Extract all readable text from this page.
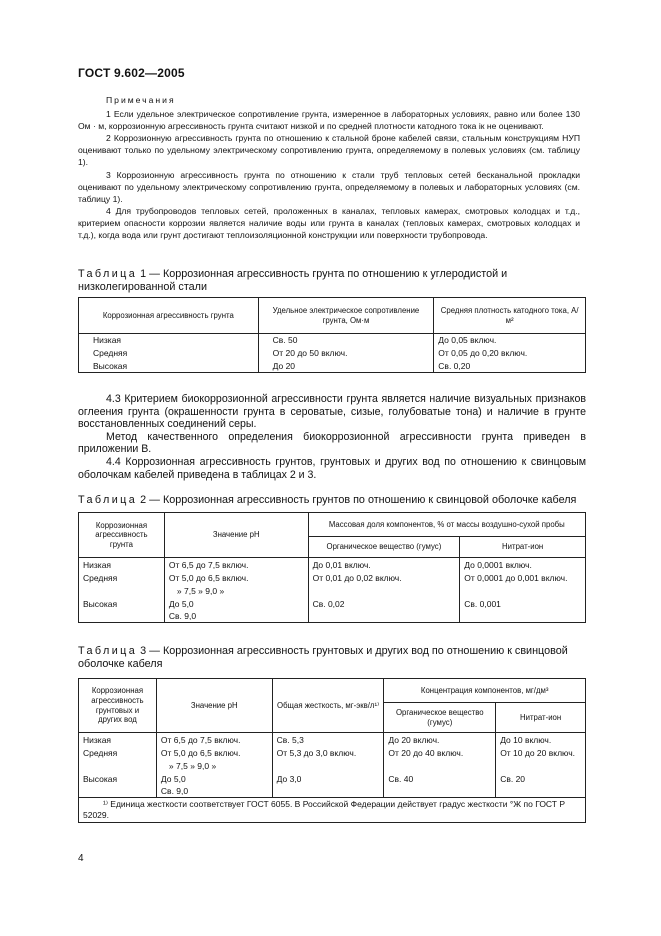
ГОСТ 9.602—2005

Примечания

1 Если удельное электрическое сопротивление грунта, измеренное в лабораторных условиях, равно или более 130 Ом · м, коррозионную агрессивность грунта считают низкой и по средней плотности катодного тока iк не оценивают.

2 Коррозионную агрессивность грунта по отношению к стальной броне кабелей связи, стальным конструкциям НУП оценивают только по удельному электрическому сопротивлению грунта, определяемому в полевых условиях (см. таблицу 1).

3 Коррозионную агрессивность грунта по отношению к стали труб тепловых сетей бесканальной прокладки оценивают по удельному электрическому сопротивлению грунта, определяемому в полевых и лабораторных условиях (см. таблицу 1).

4 Для трубопроводов тепловых сетей, проложенных в каналах, тепловых камерах, смотровых колодцах и т.д., критерием опасности коррозии является наличие воды или грунта в каналах (тепловых камерах, смотровых колодцах и т.д.), когда вода или грунт достигают теплоизоляционной конструкции или поверхности трубопровода.

Таблица 1 — Коррозионная агрессивность грунта по отношению к углеродистой и низколегированной стали
Коррозионная агрессивность грунта	Удельное электрическое сопротивление грунта, Ом·м	Средняя плотность катодного тока, А/м²
Низкая	Св. 50	До 0,05 включ.
Средняя	От 20 до 50 включ.	От 0,05 до 0,20 включ.
Высокая	До 20	Св. 0,20

4.3 Критерием биокоррозионной агрессивности грунта является наличие визуальных признаков оглеения грунта (окрашенности грунта в сероватые, сизые, голубоватые тона) и наличие в грунте восстановленных соединений серы.

Метод качественного определения биокоррозионной агрессивности грунта приведен в приложении В.

4.4 Коррозионная агрессивность грунтов, грунтовых и других вод по отношению к свинцовым оболочкам кабелей приведена в таблицах 2 и 3.

Таблица 2 — Коррозионная агрессивность грунтов по отношению к свинцовой оболочке кабеля
Коррозионная агрессивность грунта	Значение pH	Массовая доля компонентов, % от массы воздушно-сухой пробы	
		Органическое вещество (гумус)	Нитрат-ион
Низкая	От 6,5 до 7,5 включ.	До 0,01 включ.	До 0,0001 включ.
Средняя	От 5,0 до 6,5 включ.	От 0,01 до 0,02 включ.	От 0,0001 до 0,001 включ.
	» 7,5 » 9,0 »		
Высокая	До 5,0	Св. 0,02	Св. 0,001
	Св. 9,0		
Таблица 3 — Коррозионная агрессивность грунтовых и других вод по отношению к свинцовой оболочке кабеля
Коррозионная агрессивность грунтовых и других вод	Значение pH	Общая жесткость, мг-экв/л¹⁾	Концентрация компонентов, мг/дм³	
			Органическое вещество (гумус)	Нитрат-ион
Низкая	От 6,5 до 7,5 включ.	Св. 5,3	До 20 включ.	До 10 включ.
Средняя	От 5,0 до 6,5 включ.	От 5,3 до 3,0 включ.	От 20 до 40 включ.	От 10 до 20 включ.
	» 7,5 » 9,0 »			
Высокая	До 5,0	До 3,0	Св. 40	Св. 20
	Св. 9,0			
¹⁾ Единица жесткости соответствует ГОСТ 6055. В Российской Федерации действует градус жесткости °Ж по ГОСТ Р 52029.				
4
